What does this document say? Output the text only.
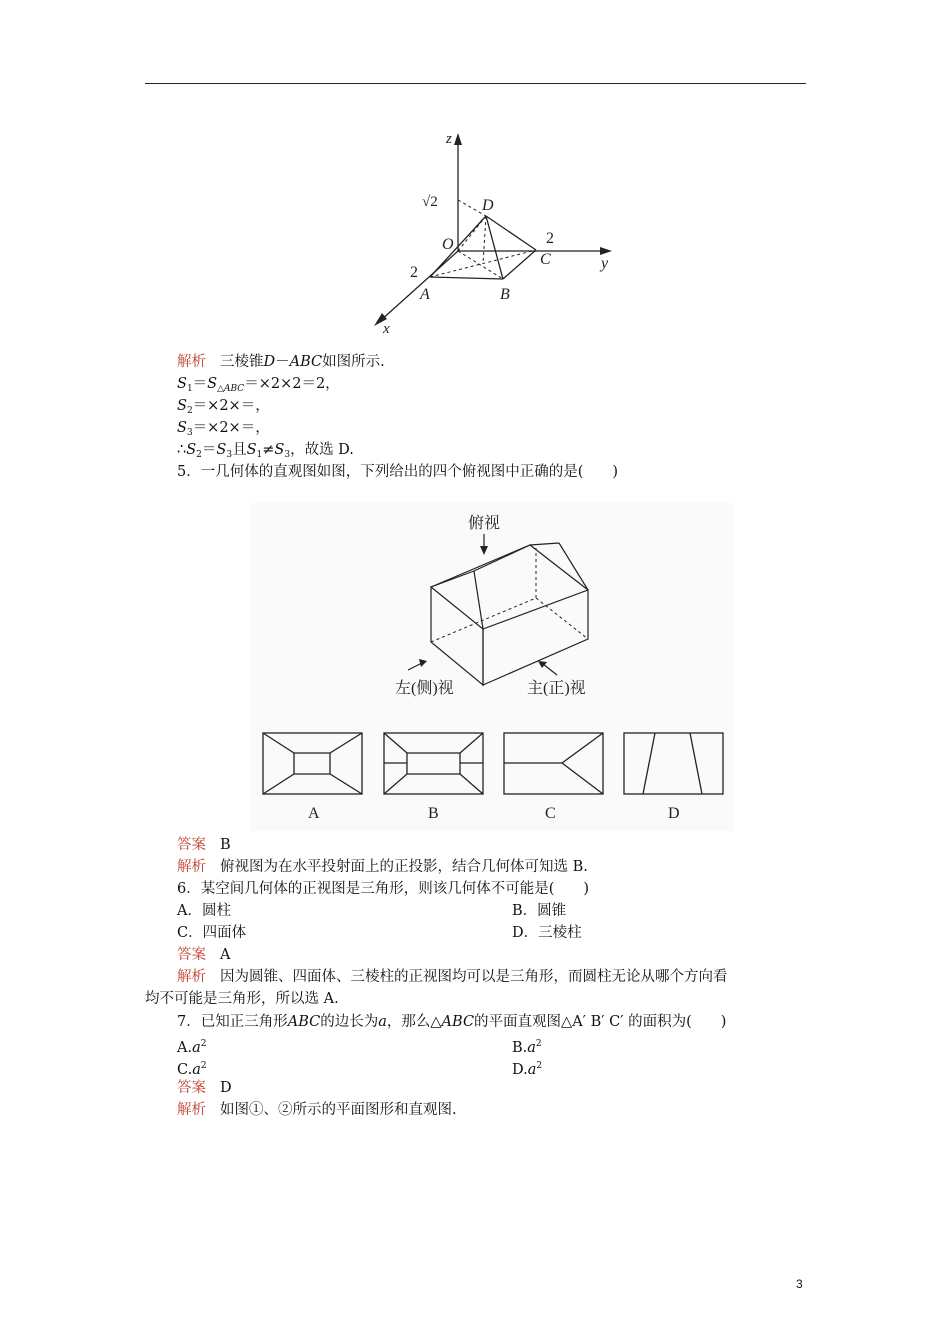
z
√2	D
O	2
C	y
2
A	B
x
解析 三棱锥D－ABC如图所示.
$S_1=S_{\triangle ABC}=\times 2\times 2=2$，
$S_2=\times 2\times=$，
$S_3=\times 2\times=$，
$\therefore S_2=S_3$且$S_1\ne S_3$，故选 D.
5．一几何体的直观图如图，下列给出的四个俯视图中正确的是(　　)
俯视
左(侧)视	主(正)视
A	B	C	D
答案 B
解析 俯视图为在水平投射面上的正投影，结合几何体可知选 B.
6．某空间几何体的正视图是三角形，则该几何体不可能是(　　)
A．圆柱	B．圆锥
C．四面体	D．三棱柱
答案 A
解析 因为圆锥、四面体、三棱柱的正视图均可以是三角形，而圆柱无论从哪个方向看
均不可能是三角形，所以选 A.
7．已知正三角形ABC的边长为a，那么△ABC的平面直观图△A′ B′ C′ 的面积为(　　)
$A.a^2$	$B.a^2$
$C.a^2$	$D.a^2$
答案 D
解析 如图①、②所示的平面图形和直观图.
3
